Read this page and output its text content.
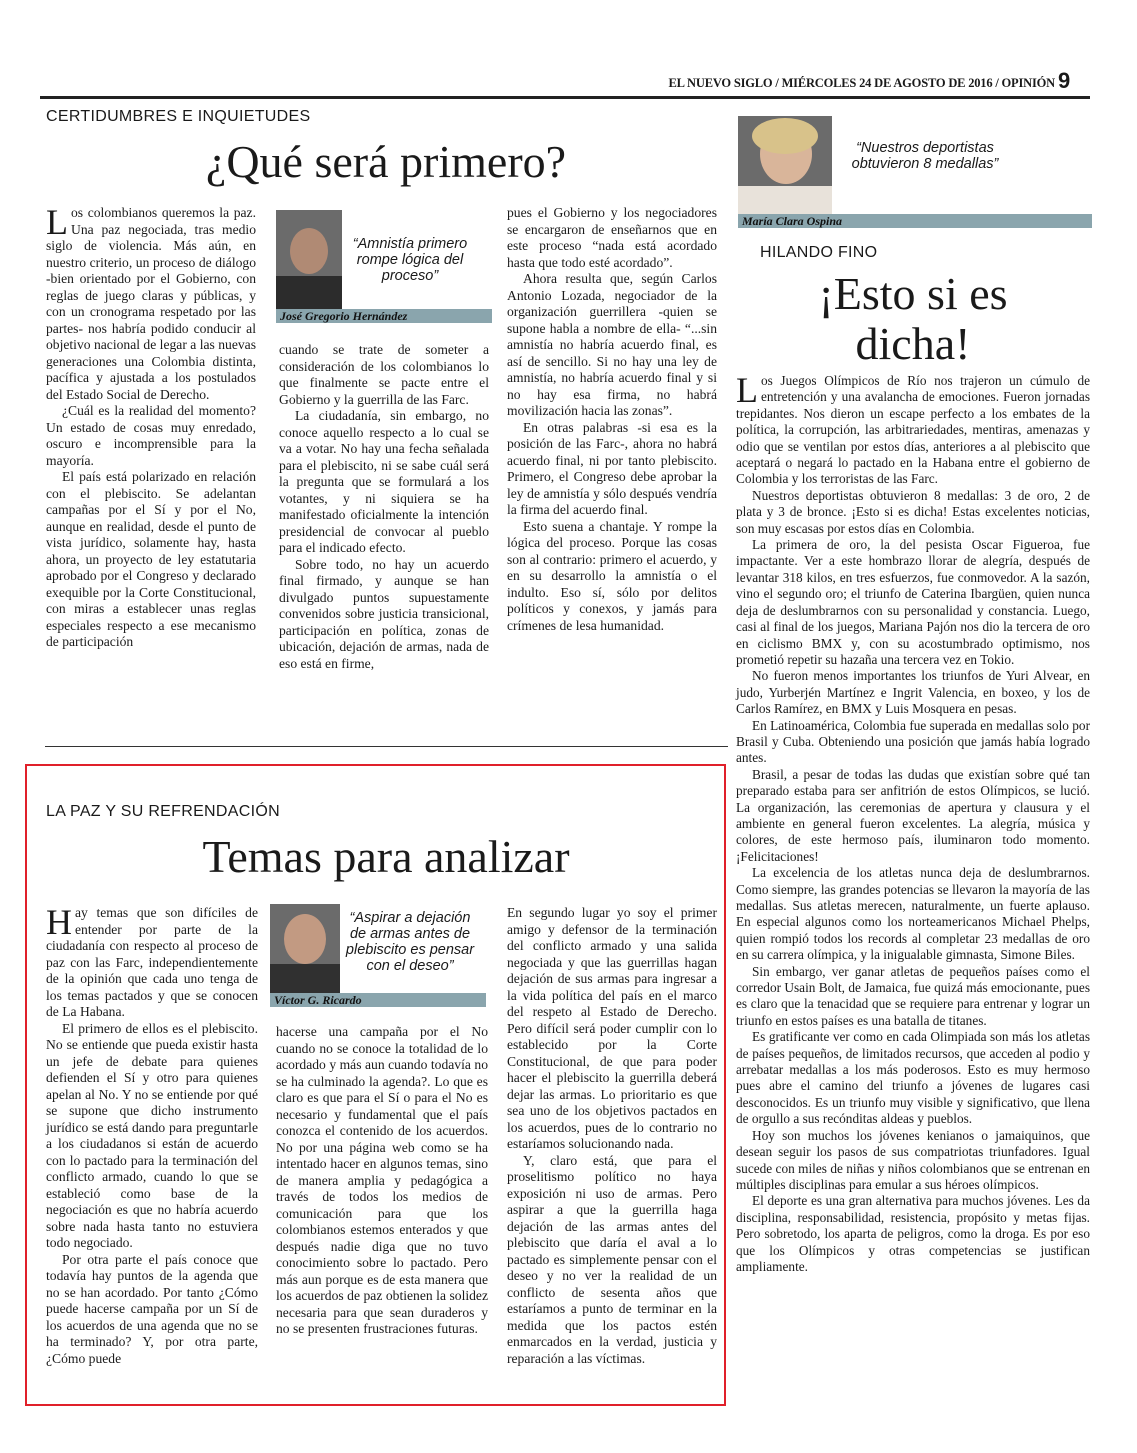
EL NUEVO SIGLO / MIÉRCOLES 24 DE AGOSTO DE 2016 / OPINIÓN 9
CERTIDUMBRES E INQUIETUDES
¿Qué será primero?

Los colombianos queremos la paz. Una paz negociada, tras medio siglo de violencia. Más aún, en nuestro criterio, un proceso de diálogo -bien orientado por el Gobierno, con reglas de juego claras y públicas, y con un cronograma respetado por las partes- nos habría podido conducir al objetivo nacional de legar a las nuevas generaciones una Colombia distinta, pacífica y ajustada a los postulados del Estado Social de Derecho.

¿Cuál es la realidad del momento? Un estado de cosas muy enredado, oscuro e incomprensible para la mayoría.

El país está polarizado en relación con el plebiscito. Se adelantan campañas por el Sí y por el No, aunque en realidad, desde el punto de vista jurídico, solamente hay, hasta ahora, un proyecto de ley estatutaria aprobado por el Congreso y declarado exequible por la Corte Constitucional, con miras a establecer unas reglas especiales respecto a ese mecanismo de participación

“Amnistía primero rompe lógica del proceso”
José Gregorio Hernández

cuando se trate de someter a consideración de los colombianos lo que finalmente se pacte entre el Gobierno y la guerrilla de las Farc.

La ciudadanía, sin embargo, no conoce aquello respecto a lo cual se va a votar. No hay una fecha señalada para el plebiscito, ni se sabe cuál será la pregunta que se formulará a los votantes, y ni siquiera se ha manifestado oficialmente la intención presidencial de convocar al pueblo para el indicado efecto.

Sobre todo, no hay un acuerdo final firmado, y aunque se han divulgado puntos supuestamente convenidos sobre justicia transicional, participación en política, zonas de ubicación, dejación de armas, nada de eso está en firme,

pues el Gobierno y los negociadores se encargaron de enseñarnos que en este proceso “nada está acordado hasta que todo esté acordado”.

Ahora resulta que, según Carlos Antonio Lozada, negociador de la organización guerrillera -quien se supone habla a nombre de ella- “...sin amnistía no habría acuerdo final, es así de sencillo. Si no hay una ley de amnistía, no habría acuerdo final y si no hay esa firma, no habrá movilización hacia las zonas”.

En otras palabras -si esa es la posición de las Farc-, ahora no habrá acuerdo final, ni por tanto plebiscito. Primero, el Congreso debe aprobar la ley de amnistía y sólo después vendría la firma del acuerdo final.

Esto suena a chantaje. Y rompe la lógica del proceso. Porque las cosas son al contrario: primero el acuerdo, y en su desarrollo la amnistía o el indulto. Eso sí, sólo por delitos políticos y conexos, y jamás para crímenes de lesa humanidad.

LA PAZ Y SU REFRENDACIÓN
Temas para analizar

Hay temas que son difíciles de entender por parte de la ciudadanía con respecto al proceso de paz con las Farc, independientemente de la opinión que cada uno tenga de los temas pactados y que se conocen de La Habana.

El primero de ellos es el plebiscito. No se entiende que pueda existir hasta un jefe de debate para quienes defienden el Sí y otro para quienes apelan al No. Y no se entiende por qué se supone que dicho instrumento jurídico se está dando para preguntarle a los ciudadanos si están de acuerdo con lo pactado para la terminación del conflicto armado, cuando lo que se estableció como base de la negociación es que no habría acuerdo sobre nada hasta tanto no estuviera todo negociado.

Por otra parte el país conoce que todavía hay puntos de la agenda que no se han acordado. Por tanto ¿Cómo puede hacerse campaña por un Sí de los acuerdos de una agenda que no se ha terminado? Y, por otra parte, ¿Cómo puede

“Aspirar a dejación de armas antes de plebiscito es pensar con el deseo”
Víctor G. Ricardo

hacerse una campaña por el No cuando no se conoce la totalidad de lo acordado y más aun cuando todavía no se ha culminado la agenda?. Lo que es claro es que para el Sí o para el No es necesario y fundamental que el país conozca el contenido de los acuerdos. No por una página web como se ha intentado hacer en algunos temas, sino de manera amplia y pedagógica a través de todos los medios de comunicación para que los colombianos estemos enterados y que después nadie diga que no tuvo conocimiento sobre lo pactado. Pero más aun porque es de esta manera que los acuerdos de paz obtienen la solidez necesaria para que sean duraderos y no se presenten frustraciones futuras.

En segundo lugar yo soy el primer amigo y defensor de la terminación del conflicto armado y una salida negociada y que las guerrillas hagan dejación de sus armas para ingresar a la vida política del país en el marco del respeto al Estado de Derecho. Pero difícil será poder cumplir con lo establecido por la Corte Constitucional, de que para poder hacer el plebiscito la guerrilla deberá dejar las armas. Lo prioritario es que sea uno de los objetivos pactados en los acuerdos, pues de lo contrario no estaríamos solucionando nada.

Y, claro está, que para el proselitismo político no haya exposición ni uso de armas. Pero aspirar a que la guerrilla haga dejación de las armas antes del plebiscito que daría el aval a lo pactado es simplemente pensar con el deseo y no ver la realidad de un conflicto de sesenta años que estaríamos a punto de terminar en la medida que los pactos estén enmarcados en la verdad, justicia y reparación a las víctimas.

“Nuestros deportistas obtuvieron 8 medallas”
María Clara Ospina
HILANDO FINO
¡Esto si es
dicha!

Los Juegos Olímpicos de Río nos trajeron un cúmulo de entretención y una avalancha de emociones. Fueron jornadas trepidantes. Nos dieron un escape perfecto a los embates de la política, la corrupción, las arbitrariedades, mentiras, amenazas y odio que se ventilan por estos días, anteriores a al plebiscito que aceptará o negará lo pactado en la Habana entre el gobierno de Colombia y los terroristas de las Farc.

Nuestros deportistas obtuvieron 8 medallas: 3 de oro, 2 de plata y 3 de bronce. ¡Esto si es dicha! Estas excelentes noticias, son muy escasas por estos días en Colombia.

La primera de oro, la del pesista Oscar Figueroa, fue impactante. Ver a este hombrazo llorar de alegría, después de levantar 318 kilos, en tres esfuerzos, fue conmovedor. A la sazón, vino el segundo oro; el triunfo de Caterina Ibargüen, quien nunca deja de deslumbrarnos con su personalidad y constancia. Luego, casi al final de los juegos, Mariana Pajón nos dio la tercera de oro en ciclismo BMX y, con su acostumbrado optimismo, nos prometió repetir su hazaña una tercera vez en Tokio.

No fueron menos importantes los triunfos de Yuri Alvear, en judo, Yurberjén Martínez e Ingrit Valencia, en boxeo, y los de Carlos Ramírez, en BMX y Luis Mosquera en pesas.

En Latinoamérica, Colombia fue superada en medallas solo por Brasil y Cuba. Obteniendo una posición que jamás había logrado antes.

Brasil, a pesar de todas las dudas que existían sobre qué tan preparado estaba para ser anfitrión de estos Olímpicos, se lució. La organización, las ceremonias de apertura y clausura y el ambiente en general fueron excelentes. La alegría, música y colores, de este hermoso país, iluminaron todo momento. ¡Felicitaciones!

La excelencia de los atletas nunca deja de deslumbrarnos. Como siempre, las grandes potencias se llevaron la mayoría de las medallas. Sus atletas merecen, naturalmente, un fuerte aplauso. En especial algunos como los norteamericanos Michael Phelps, quien rompió todos los records al completar 23 medallas de oro en su carrera olímpica, y la inigualable gimnasta, Simone Biles.

Sin embargo, ver ganar atletas de pequeños países como el corredor Usain Bolt, de Jamaica, fue quizá más emocionante, pues es claro que la tenacidad que se requiere para entrenar y lograr un triunfo en estos países es una batalla de titanes.

Es gratificante ver como en cada Olimpiada son más los atletas de países pequeños, de limitados recursos, que acceden al podio y arrebatar medallas a los más poderosos. Esto es muy hermoso pues abre el camino del triunfo a jóvenes de lugares casi desconocidos. Es un triunfo muy visible y significativo, que llena de orgullo a sus recónditas aldeas y pueblos.

Hoy son muchos los jóvenes kenianos o jamaiquinos, que desean seguir los pasos de sus compatriotas triunfadores. Igual sucede con miles de niñas y niños colombianos que se entrenan en múltiples disciplinas para emular a sus héroes olímpicos.

El deporte es una gran alternativa para muchos jóvenes. Les da disciplina, responsabilidad, resistencia, propósito y metas fijas. Pero sobretodo, los aparta de peligros, como la droga. Es por eso que los Olímpicos y otras competencias se justifican ampliamente.
